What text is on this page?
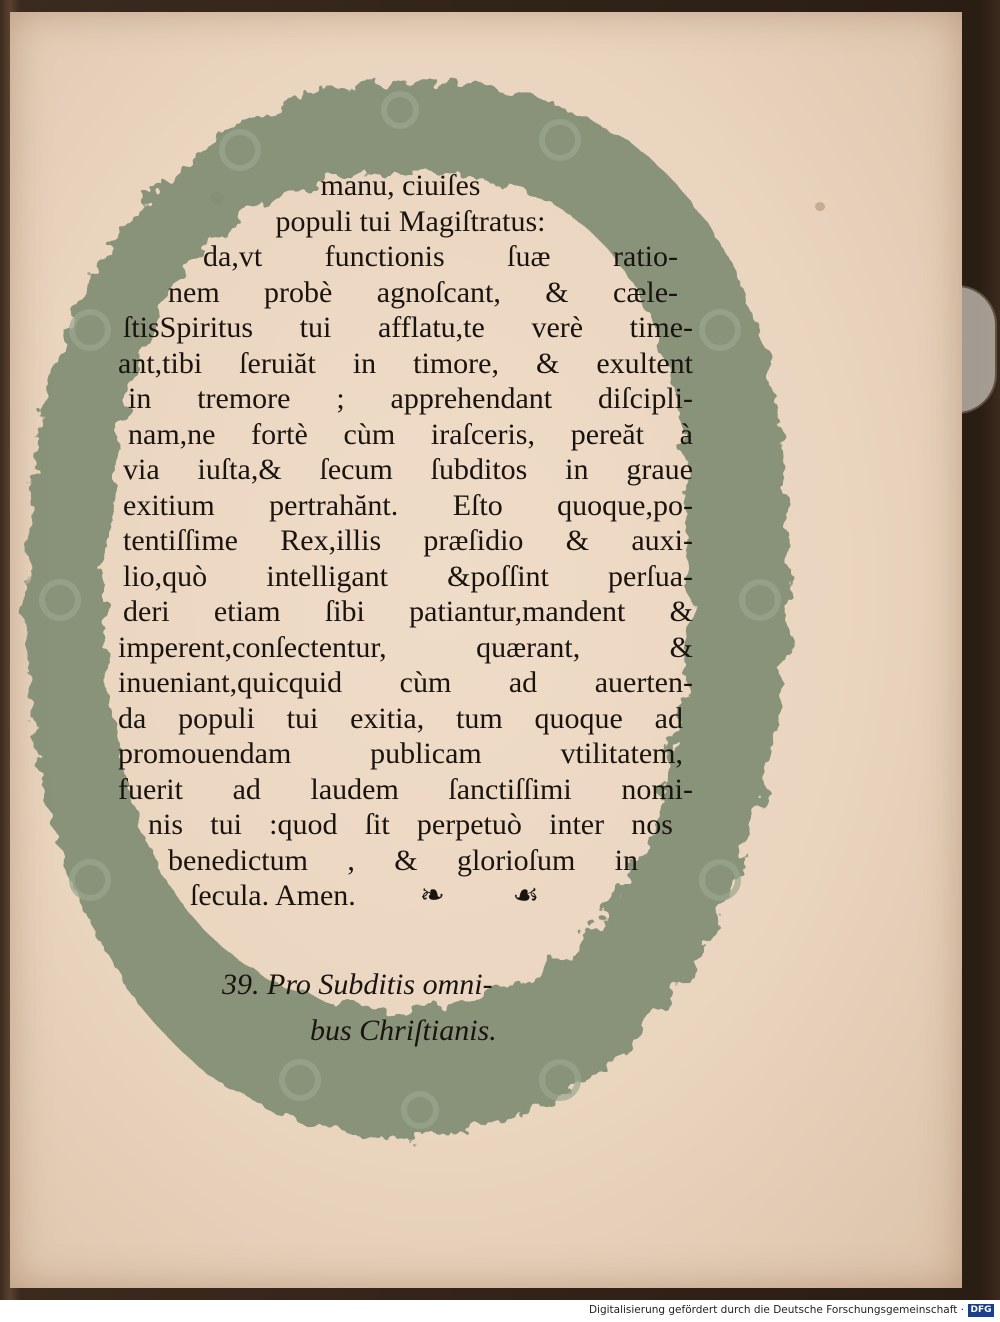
manu, ciuiſes
populi tui Magiſtratus:
da,vt functionis ſuæ ratio-
nem probè agnoſcant, & cæle-
ſtisSpiritus tui afflatu,te verè time-
ant,tibi ſeruiăt in timore, & exultent
in tremore ; apprehendant diſcipli-
nam,ne fortè cùm iraſceris, pereăt à
via iuſta,& ſecum ſubditos in graue
exitium pertrahănt. Eſto quoque,po-
tentiſſime Rex,illis præſidio & auxi-
lio,quò intelligant &poſſint perſua-
deri etiam ſibi patiantur,mandent &
imperent,conſectentur, quærant, &
inueniant,quicquid cùm ad auerten-
da populi tui exitia, tum quoque ad
promouendam publicam vtilitatem,
fuerit ad laudem ſanctiſſimi nomi-
nis tui :quod ſit perpetuò inter nos
benedictum , & glorioſum in
ſecula. Amen. ❧ ☙
39. Pro Subditis omni-
bus Chriſtianis.
Digitalisierung gefördert durch die Deutsche Forschungsgemeinschaft · DFG
